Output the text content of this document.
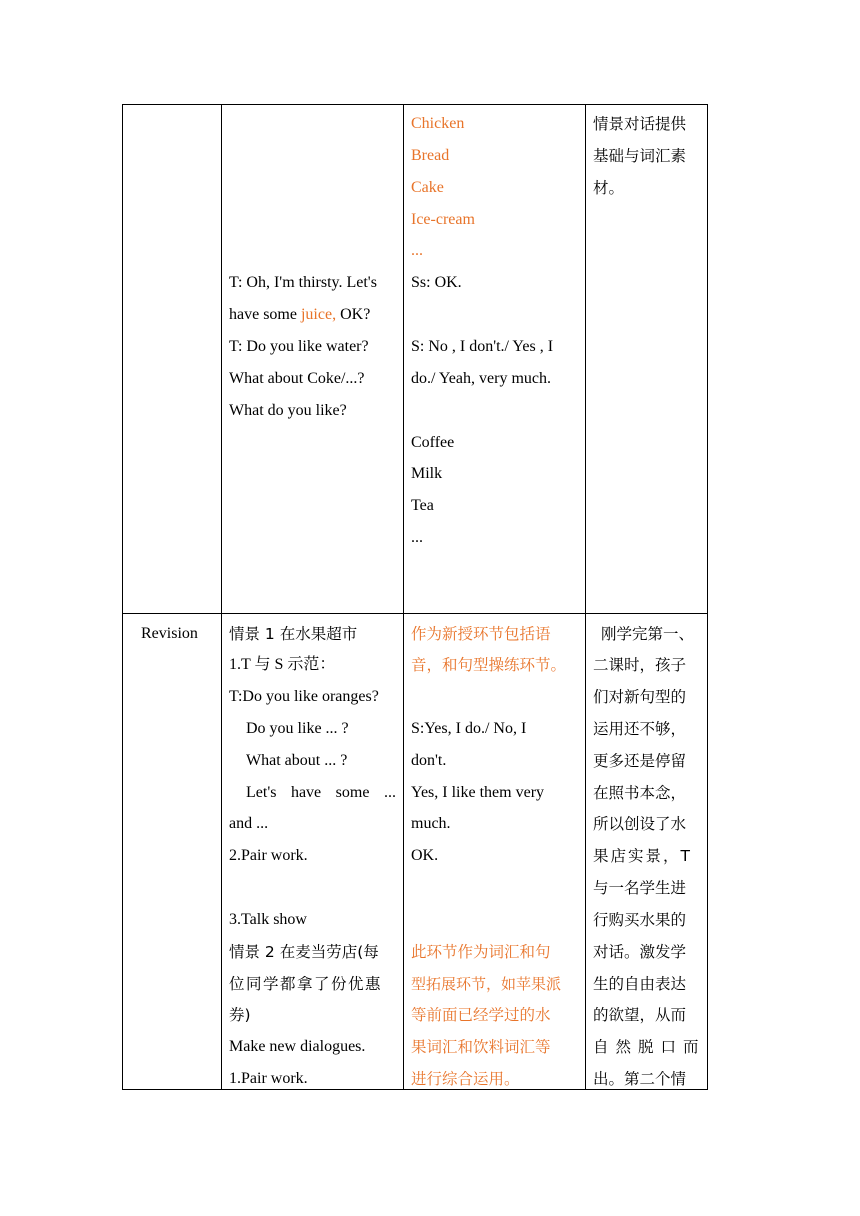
T: Oh, I'm thirsty. Let's
have some juice, OK?
T: Do you like water?
What about Coke/...?
What do you like?
Chicken
Bread
Cake
Ice-cream
...
Ss: OK.
S: No , I don't./ Yes , I
do./ Yeah, very much.
Coffee
Milk
Tea
...
情景对话提供
基础与词汇素
材。
Revision 情景 1 在水果超市
1.T 与 S 示范：
T:Do you like oranges?
Do you like ... ?
What about ... ?
Let's have some ...
and ...
2.Pair work.
3.Talk show
情景 2 在麦当劳店(每
位同学都拿了份优惠
券)
Make new dialogues.
1.Pair work.
作为新授环节包括语
音，和句型操练环节。
S:Yes, I do./ No, I
don't.
Yes, I like them very
much.
OK.
此环节作为词汇和句
型拓展环节，如苹果派
等前面已经学过的水
果词汇和饮料词汇等
进行综合运用。
刚学完第一、
二课时，孩子
们对新句型的
运用还不够，
更多还是停留
在照书本念，
所以创设了水
果店实景，T
与一名学生进
行购买水果的
对话。激发学
生的自由表达
的欲望，从而
自然脱口而
出。第二个情
